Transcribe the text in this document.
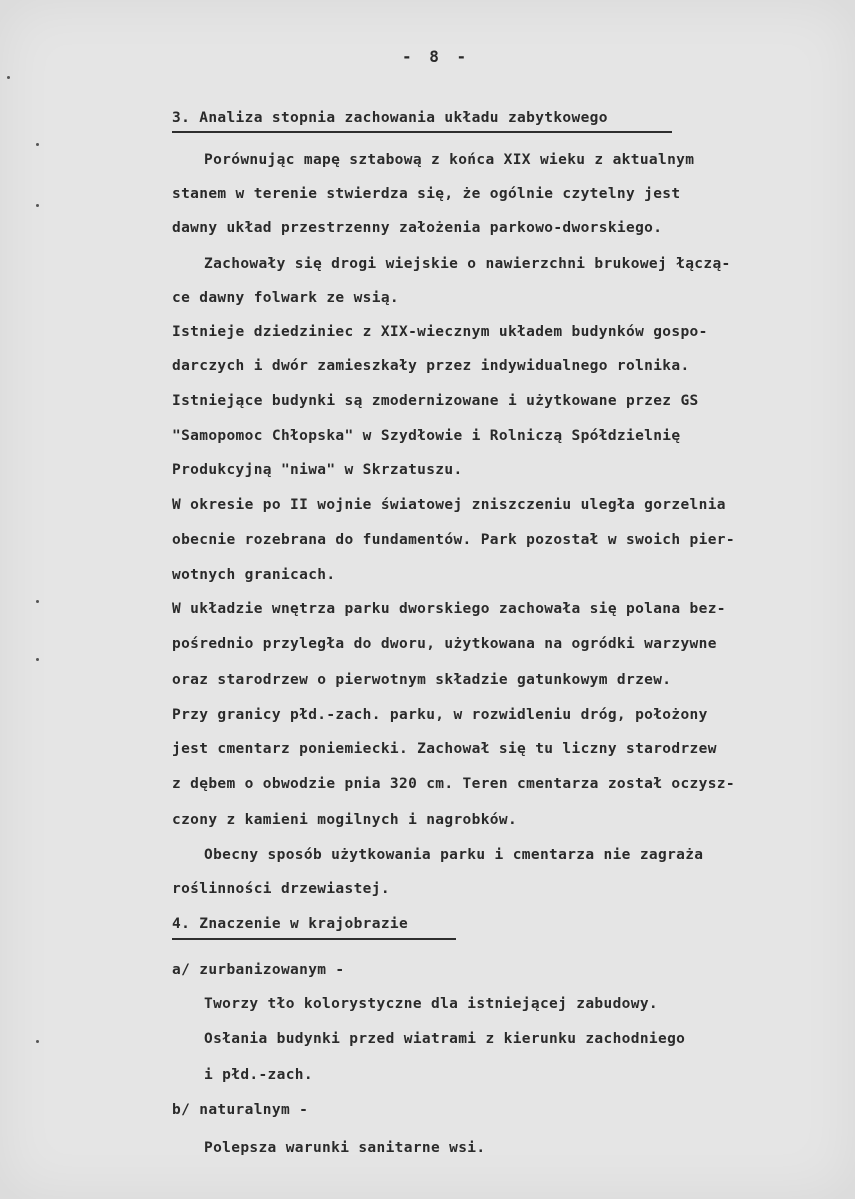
- 8 -
3. Analiza stopnia zachowania układu zabytkowego
Porównując mapę sztabową z końca XIX wieku z aktualnym
stanem w terenie stwierdza się, że ogólnie czytelny jest
dawny układ przestrzenny założenia parkowo-dworskiego.
Zachowały się drogi wiejskie o nawierzchni brukowej łączą-
ce dawny folwark ze wsią.
Istnieje dziedziniec z XIX-wiecznym układem budynków gospo-
darczych i dwór zamieszkały przez indywidualnego rolnika.
Istniejące budynki są zmodernizowane i użytkowane przez GS
"Samopomoc Chłopska" w Szydłowie i Rolniczą Spółdzielnię
Produkcyjną "niwa" w Skrzatuszu.
W okresie po II wojnie światowej zniszczeniu uległa gorzelnia
obecnie rozebrana do fundamentów. Park pozostał w swoich pier-
wotnych granicach.
W układzie wnętrza parku dworskiego zachowała się polana bez-
pośrednio przyległa do dworu, użytkowana na ogródki warzywne
oraz starodrzew o pierwotnym składzie gatunkowym drzew.
Przy granicy płd.-zach. parku, w rozwidleniu dróg, położony
jest cmentarz poniemiecki. Zachował się tu liczny starodrzew
z dębem o obwodzie pnia 320 cm. Teren cmentarza został oczysz-
czony z kamieni mogilnych i nagrobków.
Obecny sposób użytkowania parku i cmentarza nie zagraża
roślinności drzewiastej.
4. Znaczenie w krajobrazie
a/ zurbanizowanym -
Tworzy tło kolorystyczne dla istniejącej zabudowy.
Osłania budynki przed wiatrami z kierunku zachodniego
i płd.-zach.
b/ naturalnym -
Polepsza warunki sanitarne wsi.
